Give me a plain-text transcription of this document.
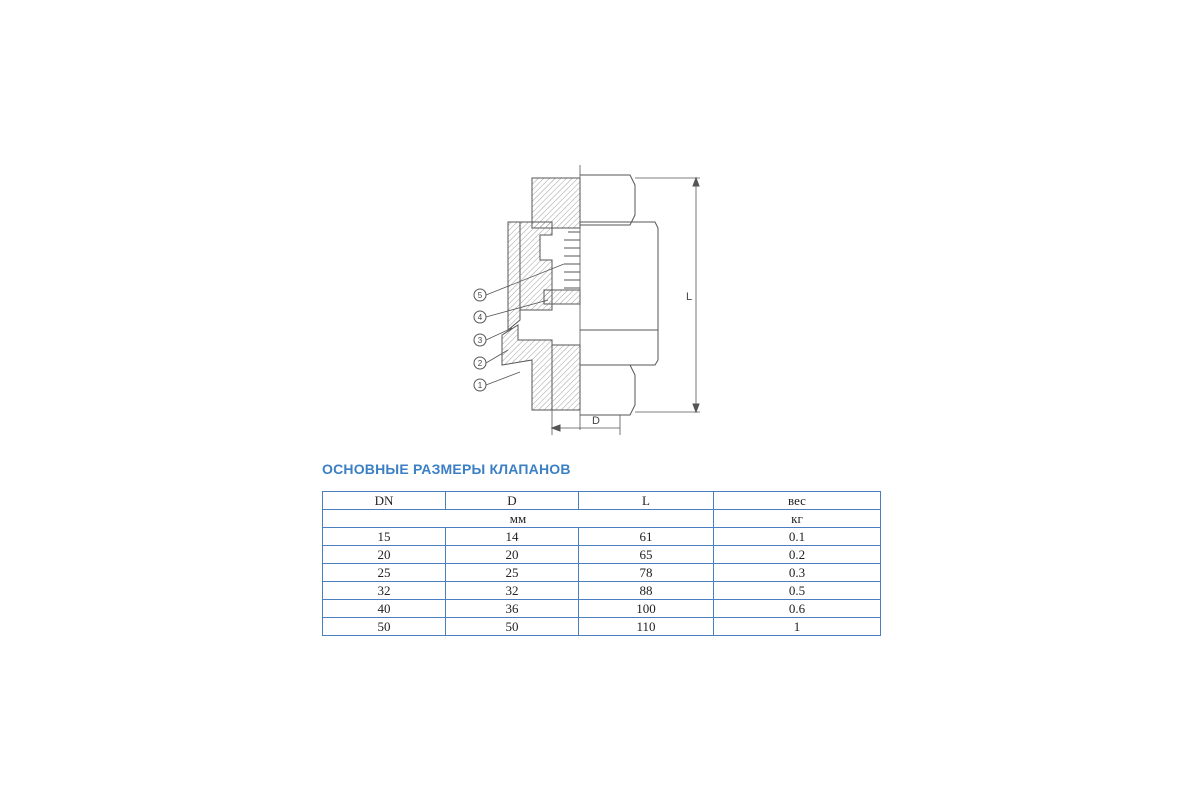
5
4
3
2
1
L
D
ОСНОВНЫЕ РАЗМЕРЫ КЛАПАНОВ
DN	D	L	вес
мм			кг
15	14	61	0.1
20	20	65	0.2
25	25	78	0.3
32	32	88	0.5
40	36	100	0.6
50	50	110	1
